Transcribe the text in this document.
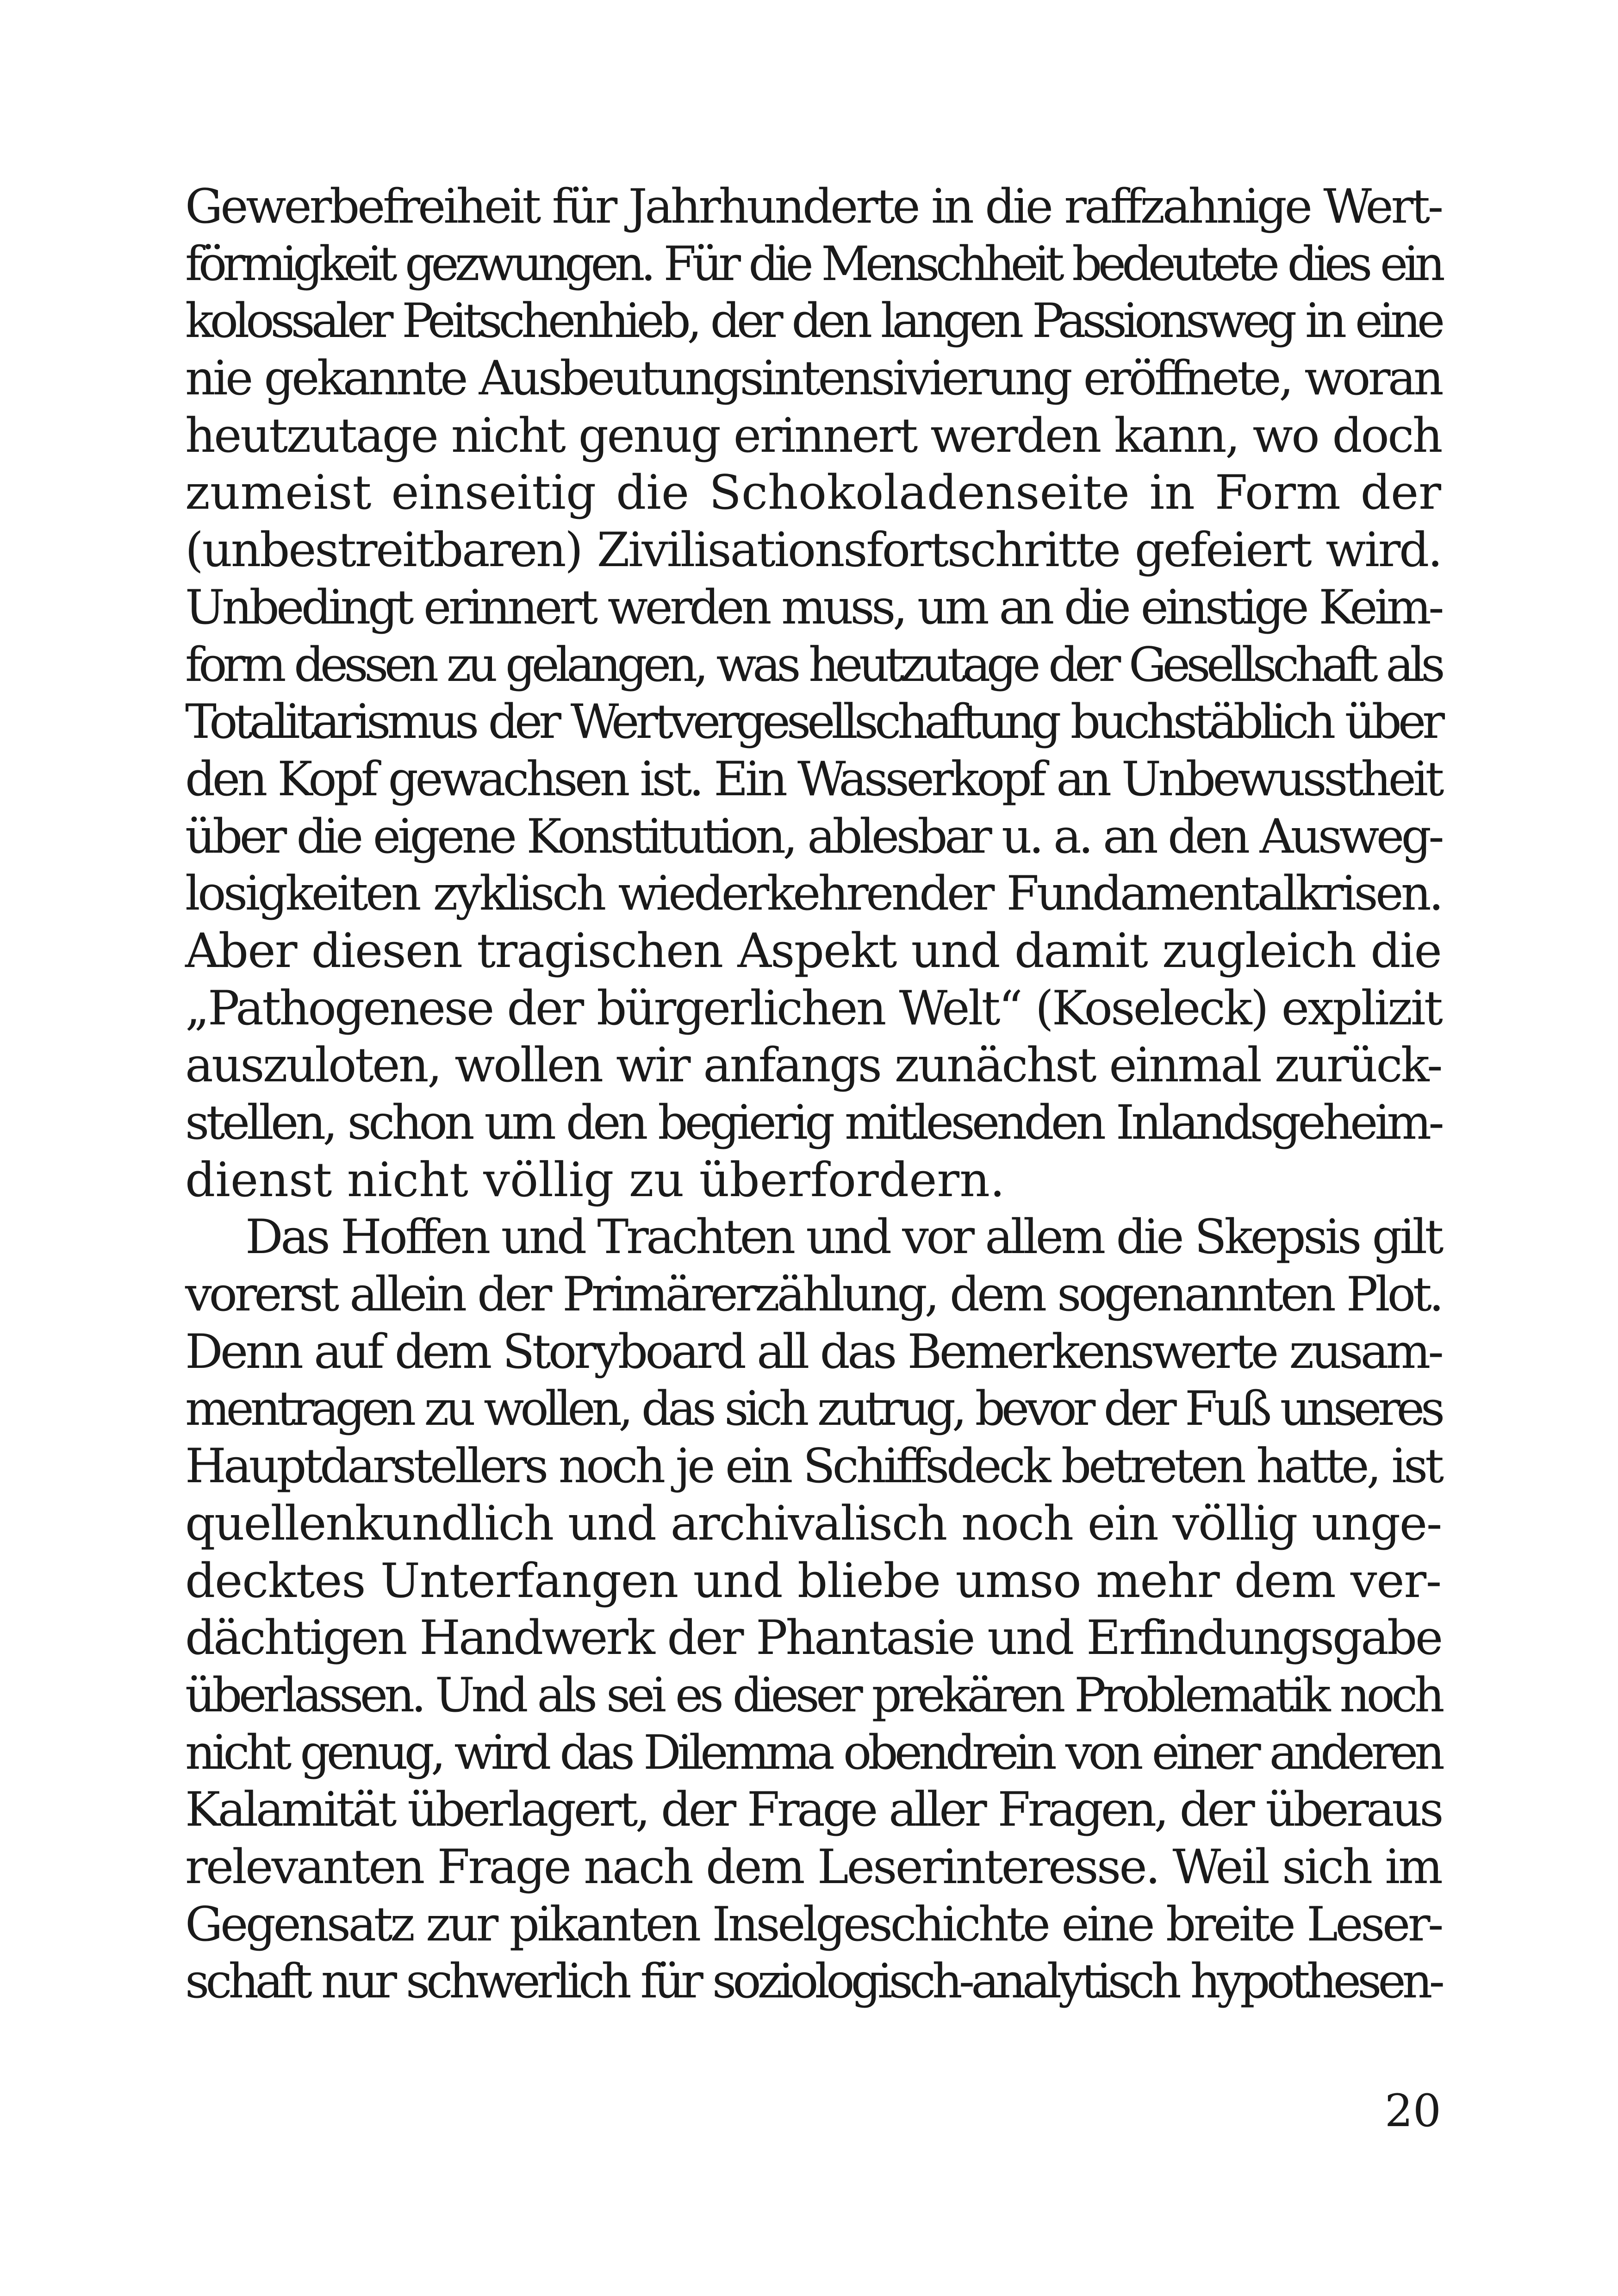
Gewerbefreiheit für Jahrhunderte in die raffzahnige Wert-
förmigkeit gezwungen. Für die Menschheit bedeutete dies ein
kolossaler Peitschenhieb, der den langen Passionsweg in eine
nie gekannte Ausbeutungsintensivierung eröffnete, woran
heutzutage nicht genug erinnert werden kann, wo doch
zumeist einseitig die Schokoladenseite in Form der
(unbestreitbaren) Zivilisationsfortschritte gefeiert wird.
Unbedingt erinnert werden muss, um an die einstige Keim-
form dessen zu gelangen, was heutzutage der Gesellschaft als
Totalitarismus der Wertvergesellschaftung buchstäblich über
den Kopf gewachsen ist. Ein Wasserkopf an Unbewusstheit
über die eigene Konstitution, ablesbar u. a. an den Ausweg-
losigkeiten zyklisch wiederkehrender Fundamentalkrisen.
Aber diesen tragischen Aspekt und damit zugleich die
„Pathogenese der bürgerlichen Welt“ (Koseleck) explizit
auszuloten, wollen wir anfangs zunächst einmal zurück-
stellen, schon um den begierig mitlesenden Inlandsgeheim-
dienst nicht völlig zu überfordern.
Das Hoffen und Trachten und vor allem die Skepsis gilt
vorerst allein der Primärerzählung, dem sogenannten Plot.
Denn auf dem Storyboard all das Bemerkenswerte zusam-
mentragen zu wollen, das sich zutrug, bevor der Fuß unseres
Hauptdarstellers noch je ein Schiffsdeck betreten hatte, ist
quellenkundlich und archivalisch noch ein völlig unge-
decktes Unterfangen und bliebe umso mehr dem ver-
dächtigen Handwerk der Phantasie und Erfindungsgabe
überlassen. Und als sei es dieser prekären Problematik noch
nicht genug, wird das Dilemma obendrein von einer anderen
Kalamität überlagert, der Frage aller Fragen, der überaus
relevanten Frage nach dem Leserinteresse. Weil sich im
Gegensatz zur pikanten Inselgeschichte eine breite Leser-
schaft nur schwerlich für soziologisch-analytisch hypothesen-
20
